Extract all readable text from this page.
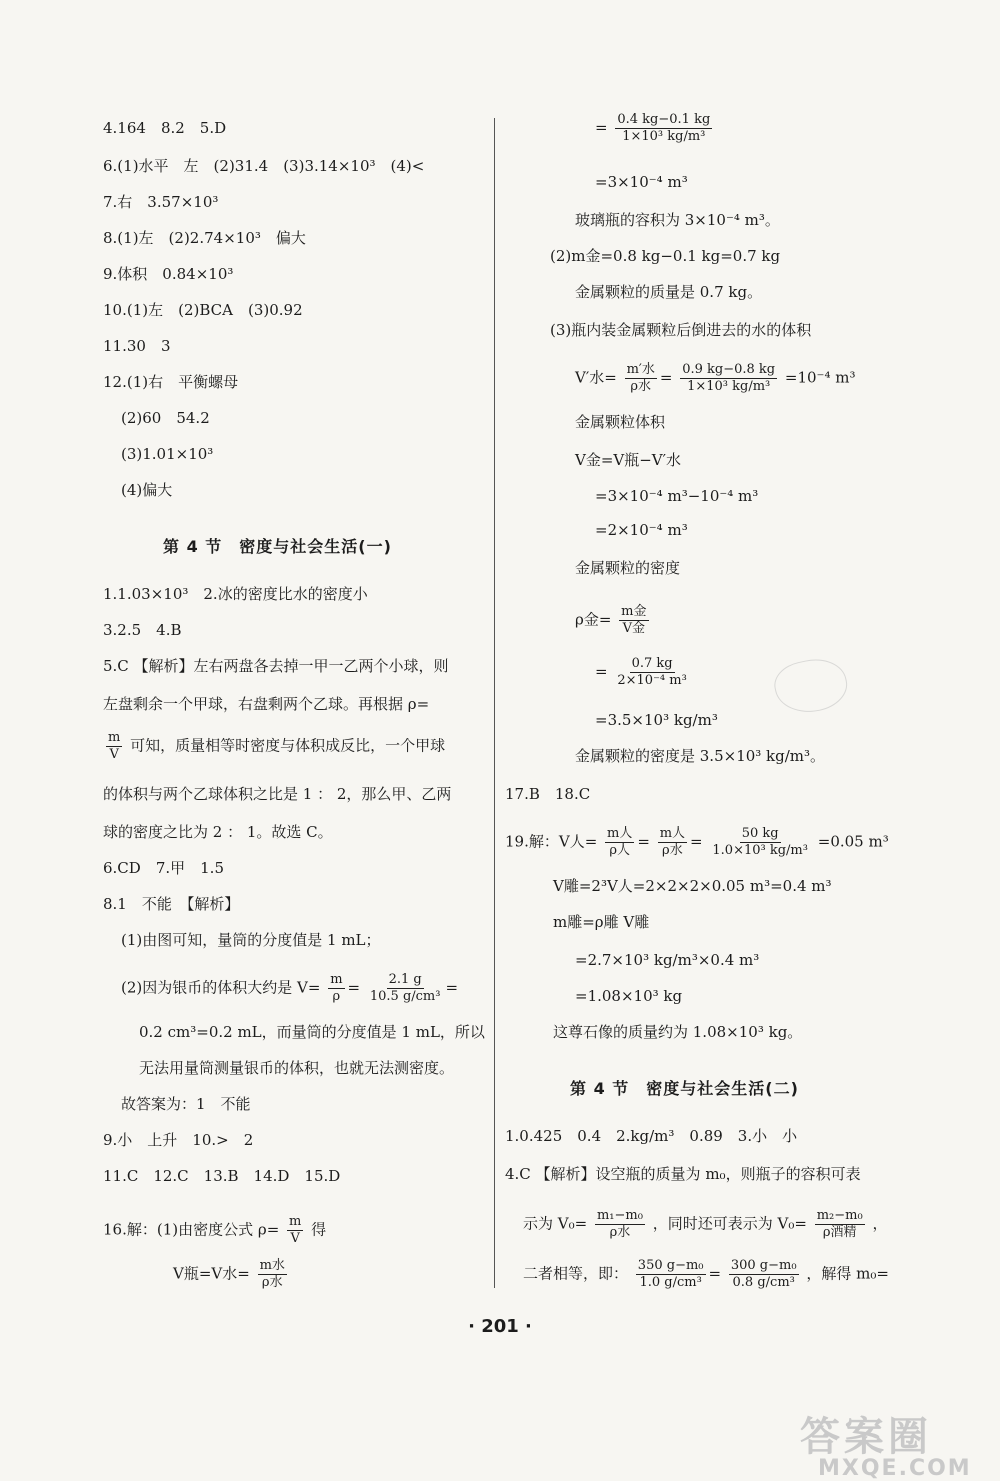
4.164　8.2　5.D
6.(1)水平　左　(2)31.4　(3)3.14×10³　(4)<
7.右　3.57×10³
8.(1)左　(2)2.74×10³　偏大
9.体积　0.84×10³
10.(1)左　(2)BCA　(3)0.92
11.30　3
12.(1)右　平衡螺母
(2)60　54.2
(3)1.01×10³
(4)偏大
第 4 节　密度与社会生活(一)
1.1.03×10³　2.冰的密度比水的密度小
3.2.5　4.B
5.C 【解析】左右两盘各去掉一甲一乙两个小球，则
左盘剩余一个甲球，右盘剩两个乙球。再根据 ρ=
$\frac{m}{V}$ 可知，质量相等时密度与体积成反比，一个甲球
的体积与两个乙球体积之比是 1 ： 2，那么甲、乙两
球的密度之比为 2 ： 1。故选 C。
6.CD　7.甲　1.5
8.1　不能　【解析】
(1)由图可知，量筒的分度值是 1 mL；
(2)因为银币的体积大约是 $V= \frac{m}{\rho} = \frac{2.1 g}{\text{10.5 g/cm³}}$ =
0.2 cm³=0.2 mL，而量筒的分度值是 1 mL，所以
无法用量筒测量银币的体积，也就无法测密度。
故答案为：1　不能
9.小　上升　10.>　2
11.C　12.C　13.B　14.D　15.D
16.解：(1)由密度公式 $\rho= \frac{m}{V}$ 得
V瓶=V水= $\frac{\text{m水}}{\text{ρ水}}$
= $\frac{0.4 kg-0.1 kg}{\text{1×10³ kg/m³}}$
=3×10⁻⁴ m³
玻璃瓶的容积为 3×10⁻⁴ m³。
(2)m金=0.8 kg−0.1 kg=0.7 kg
金属颗粒的质量是 0.7 kg。
(3)瓶内装金属颗粒后倒进去的水的体积
V′水= $\frac{\text{m′水}}{\text{ρ水}} = \frac{0.9 kg-0.8 kg}{\text{1×10³ kg/m³}} =10^{-4}$ m³
金属颗粒体积
V金=V瓶−V′水
=3×10⁻⁴ m³−10⁻⁴ m³
=2×10⁻⁴ m³
金属颗粒的密度
ρ金= $\frac{\text{m金}}{\text{V金}}$
= $\frac{0.7 kg}{\text{2×10⁻⁴ m³}}$
=3.5×10³ kg/m³
金属颗粒的密度是 3.5×10³ kg/m³。
17.B　18.C
19.解：V人= $\frac{\text{m人}}{\text{ρ人}} = \frac{\text{m人}}{\text{ρ水}} = \frac{50 kg}{\text{1.0×10³ kg/m³}} =0.05$ m³
V雕=2³V人=2×2×2×0.05 m³=0.4 m³
m雕=ρ雕 V雕
=2.7×10³ kg/m³×0.4 m³
=1.08×10³ kg
这尊石像的质量约为 1.08×10³ kg。
第 4 节　密度与社会生活(二)
1.0.425　0.4　2.kg/m³　0.89　3.小　小
4.C 【解析】设空瓶的质量为 m₀，则瓶子的容积可表
示为 $V_0= \frac{\text{m₁−m₀}}{\text{ρ水}}$ ，同时还可表示为 $V_0= \frac{\text{m₂−m₀}}{\text{ρ酒精}}$ ，
二者相等，即： $\frac{\text{350 g−m₀}}{\text{1.0 g/cm³}} = \frac{\text{300 g−m₀}}{\text{0.8 g/cm³}}$ ，解得 m₀=
· 201 ·
答案圈
MXQE.COM
